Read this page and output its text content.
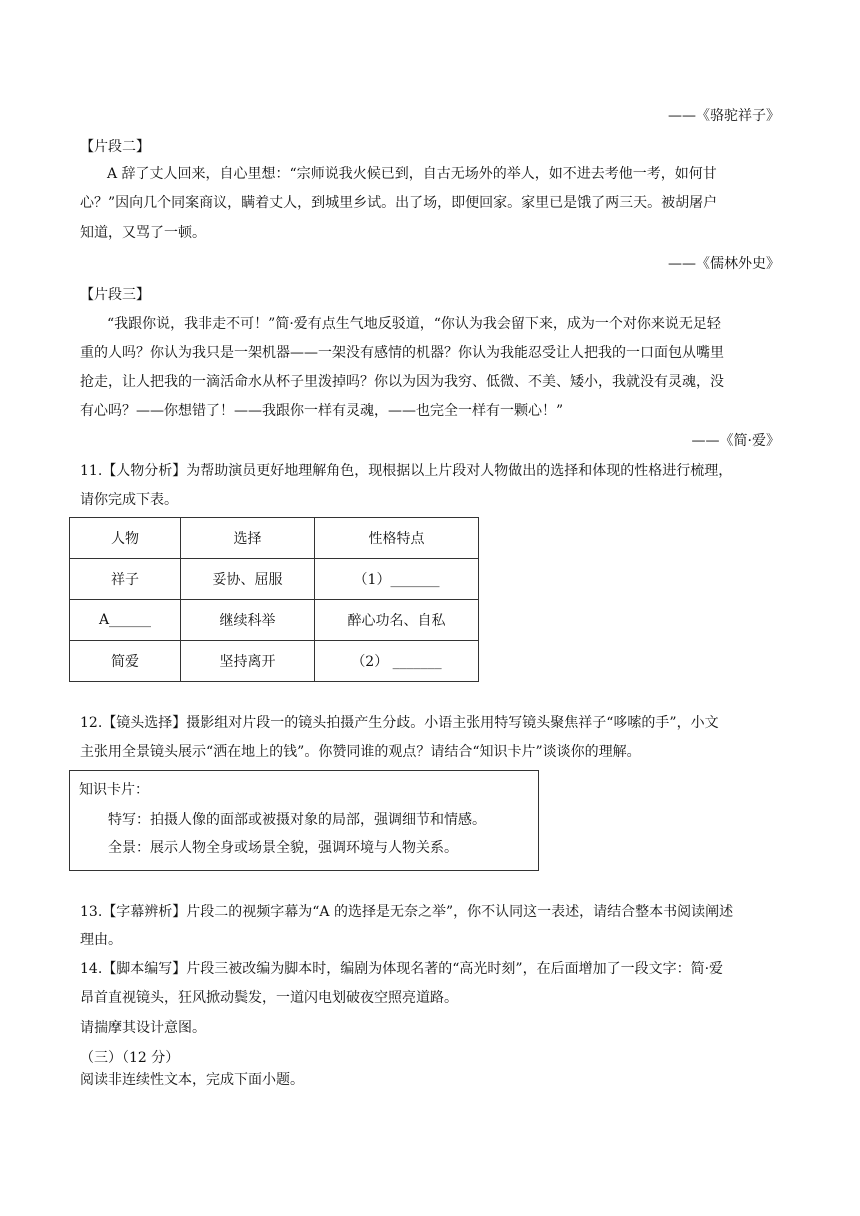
——《骆驼祥子》
【片段二】
A 辞了丈人回来，自心里想：“宗师说我火候已到，自古无场外的举人，如不进去考他一考，如何甘
心？”因向几个同案商议，瞒着丈人，到城里乡试。出了场，即便回家。家里已是饿了两三天。被胡屠户
知道，又骂了一顿。
——《儒林外史》
【片段三】
“我跟你说，我非走不可！”简·爱有点生气地反驳道，“你认为我会留下来，成为一个对你来说无足轻
重的人吗？你认为我只是一架机器——一架没有感情的机器？你认为我能忍受让人把我的一口面包从嘴里
抢走，让人把我的一滴活命水从杯子里泼掉吗？你以为因为我穷、低微、不美、矮小，我就没有灵魂，没
有心吗？——你想错了！——我跟你一样有灵魂，——也完全一样有一颗心！”
——《简·爱》
11.【人物分析】为帮助演员更好地理解角色，现根据以上片段对人物做出的选择和体现的性格进行梳理，
请你完成下表。
人物	选择	性格特点
祥子	妥协、屈服	（1）_______
A______	继续科举	醉心功名、自私
简爱	坚持离开	（2） _______
12.【镜头选择】摄影组对片段一的镜头拍摄产生分歧。小语主张用特写镜头聚焦祥子“哆嗦的手”，小文
主张用全景镜头展示“洒在地上的钱”。你赞同谁的观点？请结合“知识卡片”谈谈你的理解。
知识卡片：
特写：拍摄人像的面部或被摄对象的局部，强调细节和情感。
全景：展示人物全身或场景全貌，强调环境与人物关系。
13.【字幕辨析】片段二的视频字幕为“A 的选择是无奈之举”，你不认同这一表述，请结合整本书阅读阐述
理由。
14.【脚本编写】片段三被改编为脚本时，编剧为体现名著的“高光时刻”，在后面增加了一段文字：简·爱
昂首直视镜头，狂风掀动鬓发，一道闪电划破夜空照亮道路。
请揣摩其设计意图。
（三）（12 分）
阅读非连续性文本，完成下面小题。
